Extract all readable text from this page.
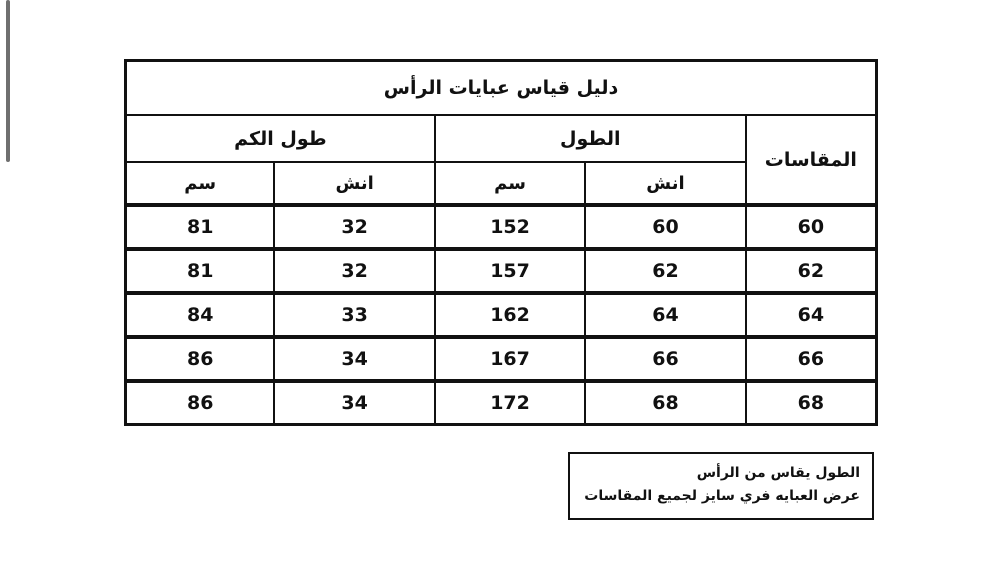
دليل قياس عبايات الرأس				
المقاسات	الطول		طول الكم	
	انش	سم	انش	سم
60	60	152	32	81
62	62	157	32	81
64	64	162	33	84
66	66	167	34	86
68	68	172	34	86
الطول يقاس من الرأس
عرض العبايه فري سايز لجميع المقاسات
